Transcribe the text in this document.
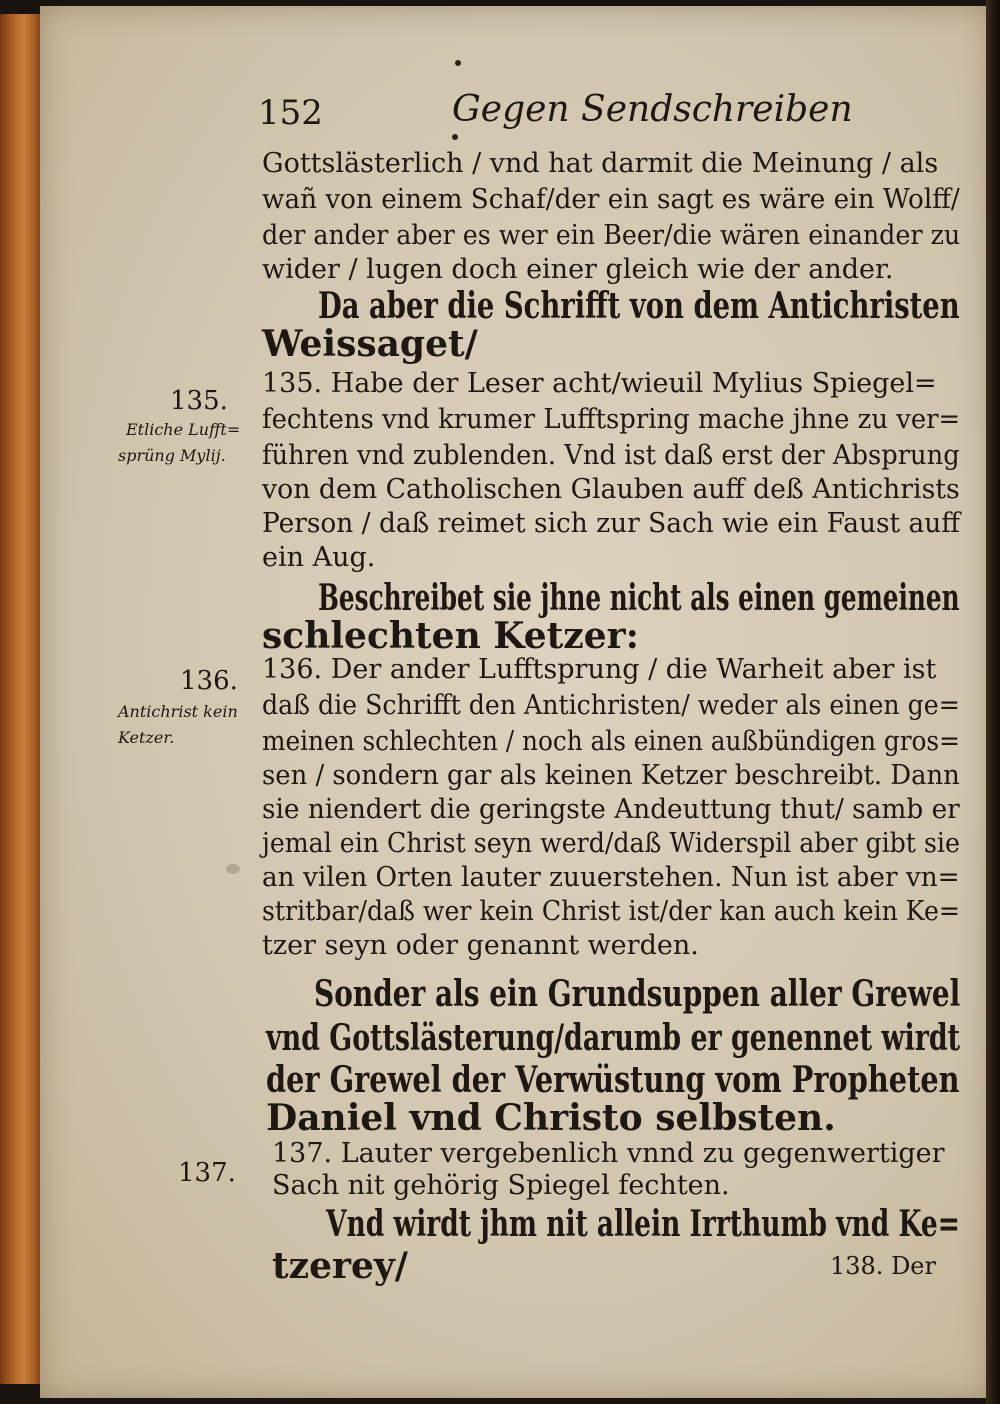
152	Gegen Sendschreiben
Gottslästerlich / vnd hat darmit die Meinung / als
wañ von einem Schaf/der ein sagt es wäre ein Wolff/
der ander aber es wer ein Beer/die wären einander zu
wider / lugen doch einer gleich wie der ander.
Da aber die Schrifft von dem Antichristen
Weissaget/
135.
Etliche Lufft=
sprüng Mylij.
135. Habe der Leser acht/wieuil Mylius Spiegel=
fechtens vnd krumer Lufftspring mache jhne zu ver=
führen vnd zublenden. Vnd ist daß erst der Absprung
von dem Catholischen Glauben auff deß Antichrists
Person / daß reimet sich zur Sach wie ein Faust auff
ein Aug.
Beschreibet sie jhne nicht als einen gemeinen
schlechten Ketzer:
136.
Antichrist kein
Ketzer.
136. Der ander Lufftsprung / die Warheit aber ist
daß die Schrifft den Antichristen/ weder als einen ge=
meinen schlechten / noch als einen außbündigen gros=
sen / sondern gar als keinen Ketzer beschreibt. Dann
sie niendert die geringste Andeuttung thut/ samb er
jemal ein Christ seyn werd/daß Widerspil aber gibt sie
an vilen Orten lauter zuuerstehen. Nun ist aber vn=
stritbar/daß wer kein Christ ist/der kan auch kein Ke=
tzer seyn oder genannt werden.
Sonder als ein Grundsuppen aller Grewel
vnd Gottslästerung/darumb er genennet wirdt
der Grewel der Verwüstung vom Propheten
Daniel vnd Christo selbsten.
137.
137. Lauter vergebenlich vnnd zu gegenwertiger
Sach nit gehörig Spiegel fechten.
Vnd wirdt jhm nit allein Irrthumb vnd Ke=
tzerey/	138. Der
